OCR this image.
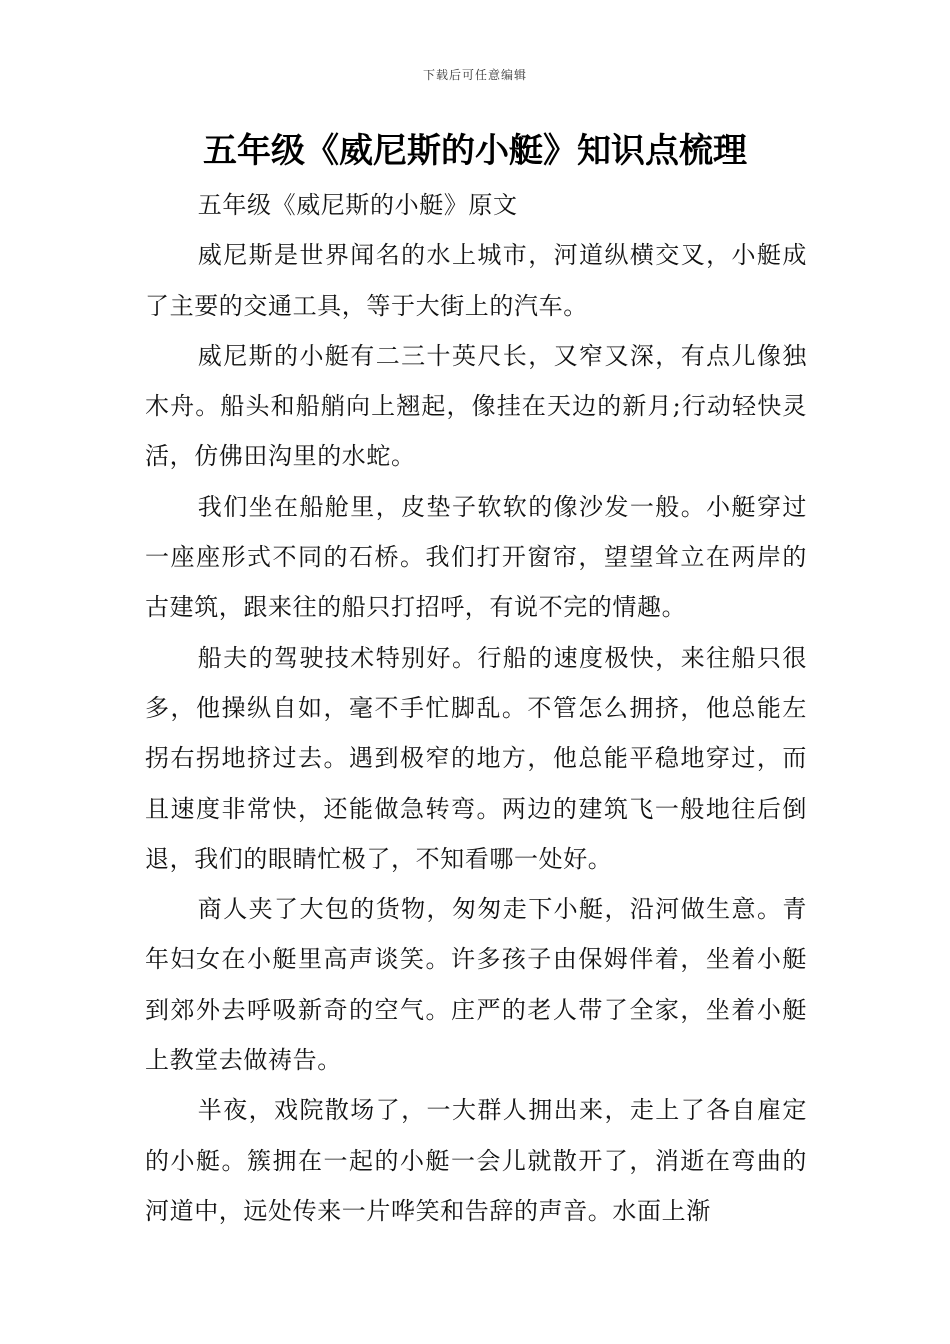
下载后可任意编辑
五年级《威尼斯的小艇》知识点梳理

五年级《威尼斯的小艇》原文

威尼斯是世界闻名的水上城市，河道纵横交叉，小艇成了主要的交通工具，等于大街上的汽车。

威尼斯的小艇有二三十英尺长，又窄又深，有点儿像独木舟。船头和船艄向上翘起，像挂在天边的新月;行动轻快灵活，仿佛田沟里的水蛇。

我们坐在船舱里，皮垫子软软的像沙发一般。小艇穿过一座座形式不同的石桥。我们打开窗帘，望望耸立在两岸的古建筑，跟来往的船只打招呼，有说不完的情趣。

船夫的驾驶技术特别好。行船的速度极快，来往船只很多，他操纵自如，毫不手忙脚乱。不管怎么拥挤，他总能左拐右拐地挤过去。遇到极窄的地方，他总能平稳地穿过，而且速度非常快，还能做急转弯。两边的建筑飞一般地往后倒退，我们的眼睛忙极了，不知看哪一处好。

商人夹了大包的货物，匆匆走下小艇，沿河做生意。青年妇女在小艇里高声谈笑。许多孩子由保姆伴着，坐着小艇到郊外去呼吸新奇的空气。庄严的老人带了全家，坐着小艇上教堂去做祷告。

半夜，戏院散场了，一大群人拥出来，走上了各自雇定的小艇。簇拥在一起的小艇一会儿就散开了，消逝在弯曲的河道中，远处传来一片哗笑和告辞的声音。水面上渐
